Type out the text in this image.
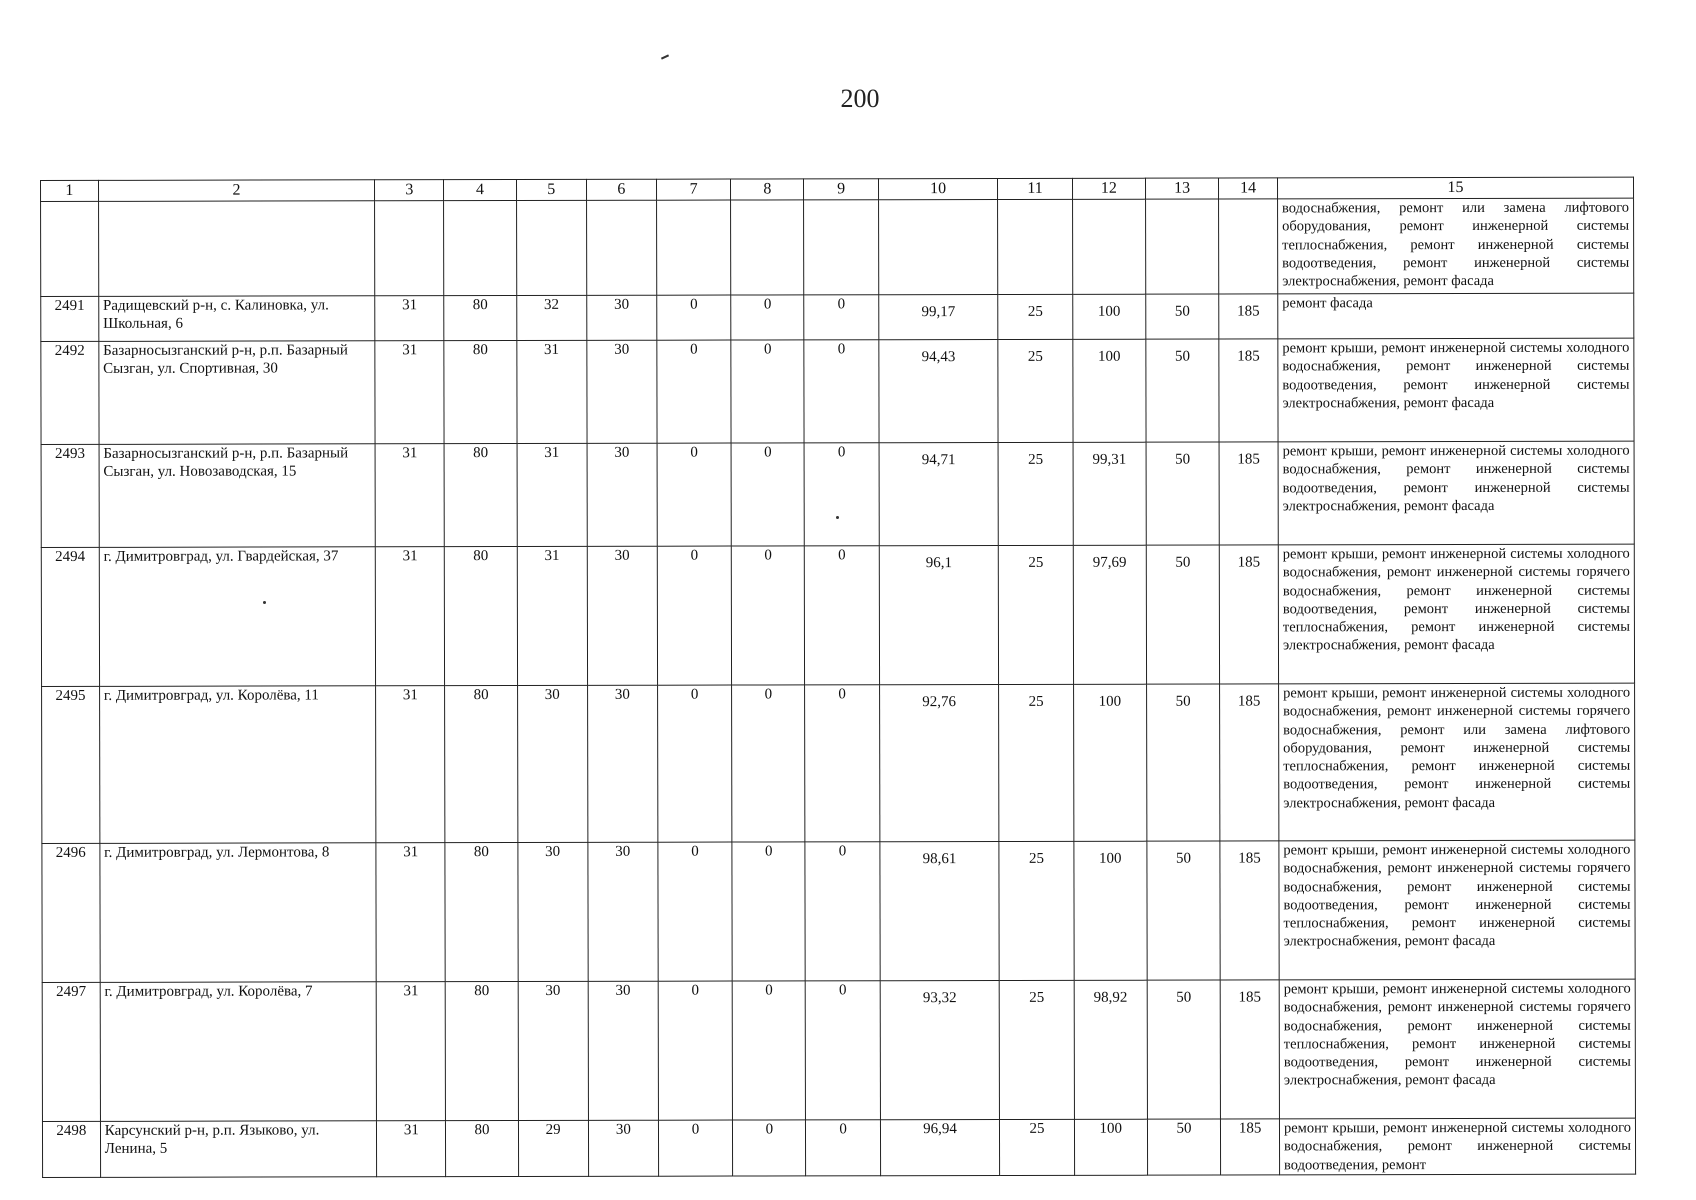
200
1	2	3	4	5	6	7	8	9	10	11	12	13	14	15
														водоснабжения, ремонт или замена лифтового оборудования, ремонт инженерной системы теплоснабжения, ремонт инженерной системы водоотведения, ремонт инженерной системы электроснабжения, ремонт фасада
2491	Радищевский р-н, с. Калиновка, ул. Школьная, 6	31	80	32	30	0	0	0	99,17	25	100	50	185	ремонт фасада
2492	Базарносызганский р-н, р.п. Базарный Сызган, ул. Спортивная, 30	31	80	31	30	0	0	0	94,43	25	100	50	185	ремонт крыши, ремонт инженерной системы холодного водоснабжения, ремонт инженерной системы водоотведения, ремонт инженерной системы электроснабжения, ремонт фасада
2493	Базарносызганский р-н, р.п. Базарный Сызган, ул. Новозаводская, 15	31	80	31	30	0	0	0	94,71	25	99,31	50	185	ремонт крыши, ремонт инженерной системы холодного водоснабжения, ремонт инженерной системы водоотведения, ремонт инженерной системы электроснабжения, ремонт фасада
2494	г. Димитровград, ул. Гвардейская, 37	31	80	31	30	0	0	0	96,1	25	97,69	50	185	ремонт крыши, ремонт инженерной системы холодного водоснабжения, ремонт инженерной системы горячего водоснабжения, ремонт инженерной системы водоотведения, ремонт инженерной системы теплоснабжения, ремонт инженерной системы электроснабжения, ремонт фасада
2495	г. Димитровград, ул. Королёва, 11	31	80	30	30	0	0	0	92,76	25	100	50	185	ремонт крыши, ремонт инженерной системы холодного водоснабжения, ремонт инженерной системы горячего водоснабжения, ремонт или замена лифтового оборудования, ремонт инженерной системы теплоснабжения, ремонт инженерной системы водоотведения, ремонт инженерной системы электроснабжения, ремонт фасада
2496	г. Димитровград, ул. Лермонтова, 8	31	80	30	30	0	0	0	98,61	25	100	50	185	ремонт крыши, ремонт инженерной системы холодного водоснабжения, ремонт инженерной системы горячего водоснабжения, ремонт инженерной системы водоотведения, ремонт инженерной системы теплоснабжения, ремонт инженерной системы электроснабжения, ремонт фасада
2497	г. Димитровград, ул. Королёва, 7	31	80	30	30	0	0	0	93,32	25	98,92	50	185	ремонт крыши, ремонт инженерной системы холодного водоснабжения, ремонт инженерной системы горячего водоснабжения, ремонт инженерной системы теплоснабжения, ремонт инженерной системы водоотведения, ремонт инженерной системы электроснабжения, ремонт фасада
2498	Карсунский р-н, р.п. Языково, ул. Ленина, 5	31	80	29	30	0	0	0	96,94	25	100	50	185	ремонт крыши, ремонт инженерной системы холодного водоснабжения, ремонт инженерной системы водоотведения, ремонт
